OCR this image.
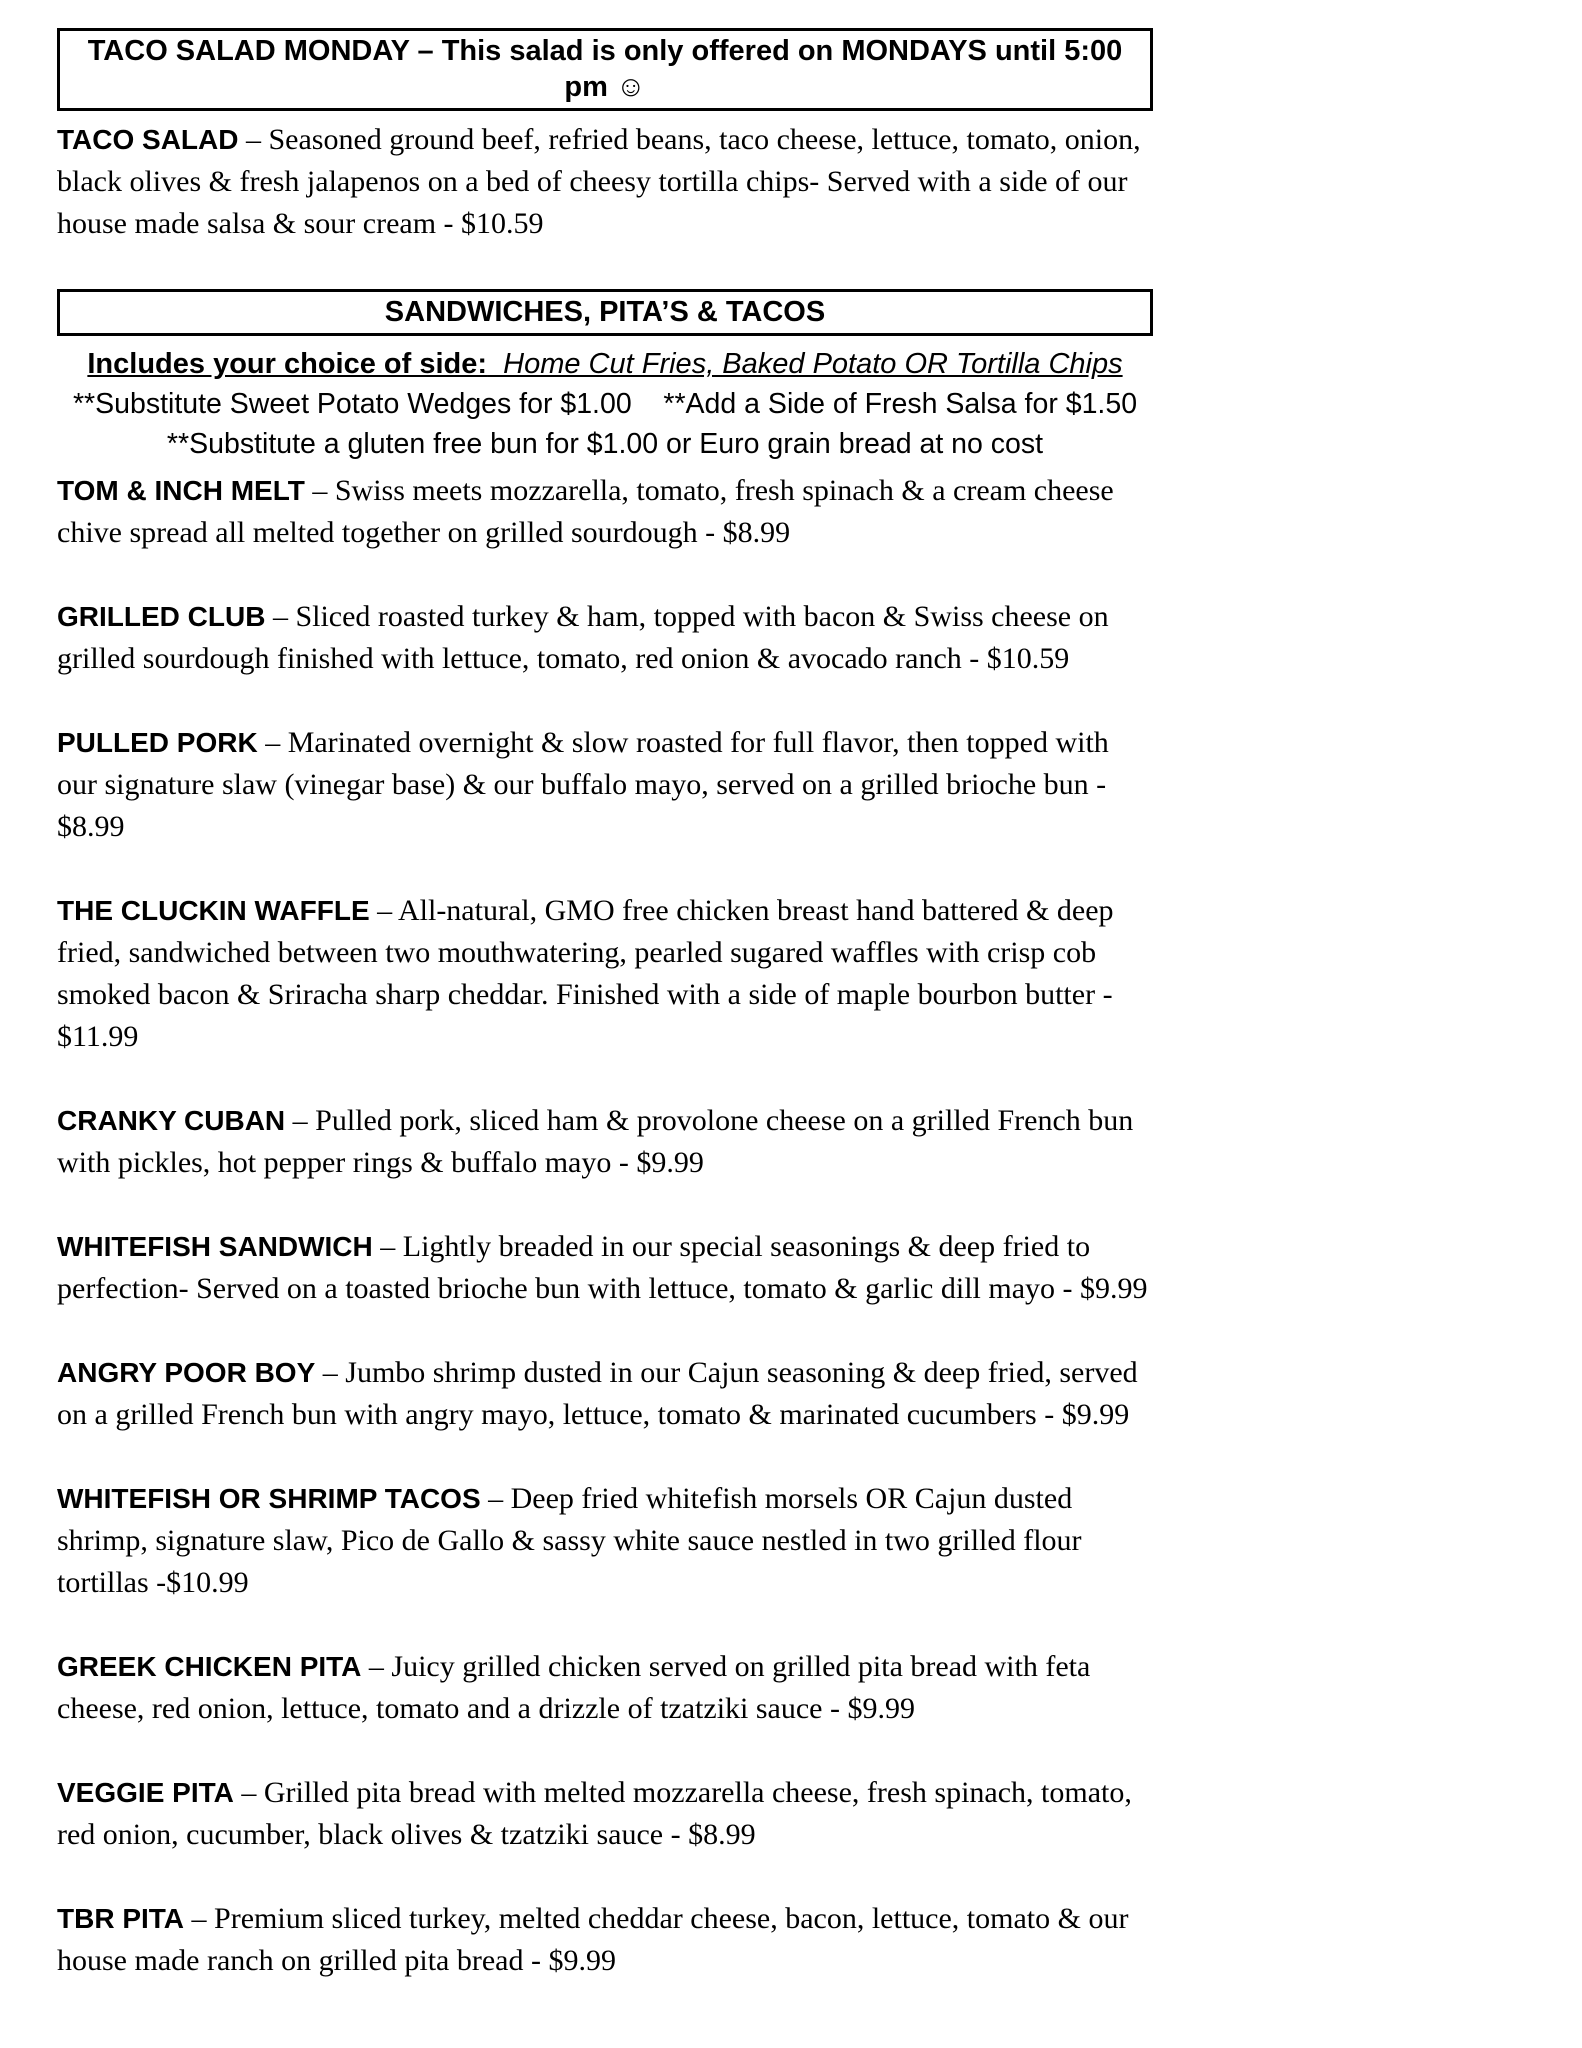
TACO SALAD MONDAY – This salad is only offered on MONDAYS until 5:00 pm ☺

TACO SALAD – Seasoned ground beef, refried beans, taco cheese, lettuce, tomato, onion, black olives & fresh jalapenos on a bed of cheesy tortilla chips- Served with a side of our house made salsa & sour cream - $10.59

SANDWICHES, PITA’S & TACOS
Includes your choice of side:  Home Cut Fries, Baked Potato OR Tortilla Chips
**Substitute Sweet Potato Wedges for $1.00    **Add a Side of Fresh Salsa for $1.50
**Substitute a gluten free bun for $1.00 or Euro grain bread at no cost

TOM & INCH MELT – Swiss meets mozzarella, tomato, fresh spinach & a cream cheese chive spread all melted together on grilled sourdough - $8.99

GRILLED CLUB – Sliced roasted turkey & ham, topped with bacon & Swiss cheese on grilled sourdough finished with lettuce, tomato, red onion & avocado ranch - $10.59

PULLED PORK – Marinated overnight & slow roasted for full flavor, then topped with our signature slaw (vinegar base) & our buffalo mayo, served on a grilled brioche bun - $8.99

THE CLUCKIN WAFFLE – All-natural, GMO free chicken breast hand battered & deep fried, sandwiched between two mouthwatering, pearled sugared waffles with crisp cob smoked bacon & Sriracha sharp cheddar. Finished with a side of maple bourbon butter - $11.99

CRANKY CUBAN – Pulled pork, sliced ham & provolone cheese on a grilled French bun with pickles, hot pepper rings & buffalo mayo - $9.99

WHITEFISH SANDWICH – Lightly breaded in our special seasonings & deep fried to perfection- Served on a toasted brioche bun with lettuce, tomato & garlic dill mayo - $9.99

ANGRY POOR BOY – Jumbo shrimp dusted in our Cajun seasoning & deep fried, served on a grilled French bun with angry mayo, lettuce, tomato & marinated cucumbers - $9.99

WHITEFISH OR SHRIMP TACOS – Deep fried whitefish morsels OR Cajun dusted shrimp, signature slaw, Pico de Gallo & sassy white sauce nestled in two grilled flour tortillas -$10.99

GREEK CHICKEN PITA – Juicy grilled chicken served on grilled pita bread with feta cheese, red onion, lettuce, tomato and a drizzle of tzatziki sauce - $9.99

VEGGIE PITA – Grilled pita bread with melted mozzarella cheese, fresh spinach, tomato, red onion, cucumber, black olives & tzatziki sauce - $8.99

TBR PITA – Premium sliced turkey, melted cheddar cheese, bacon, lettuce, tomato & our house made ranch on grilled pita bread - $9.99
